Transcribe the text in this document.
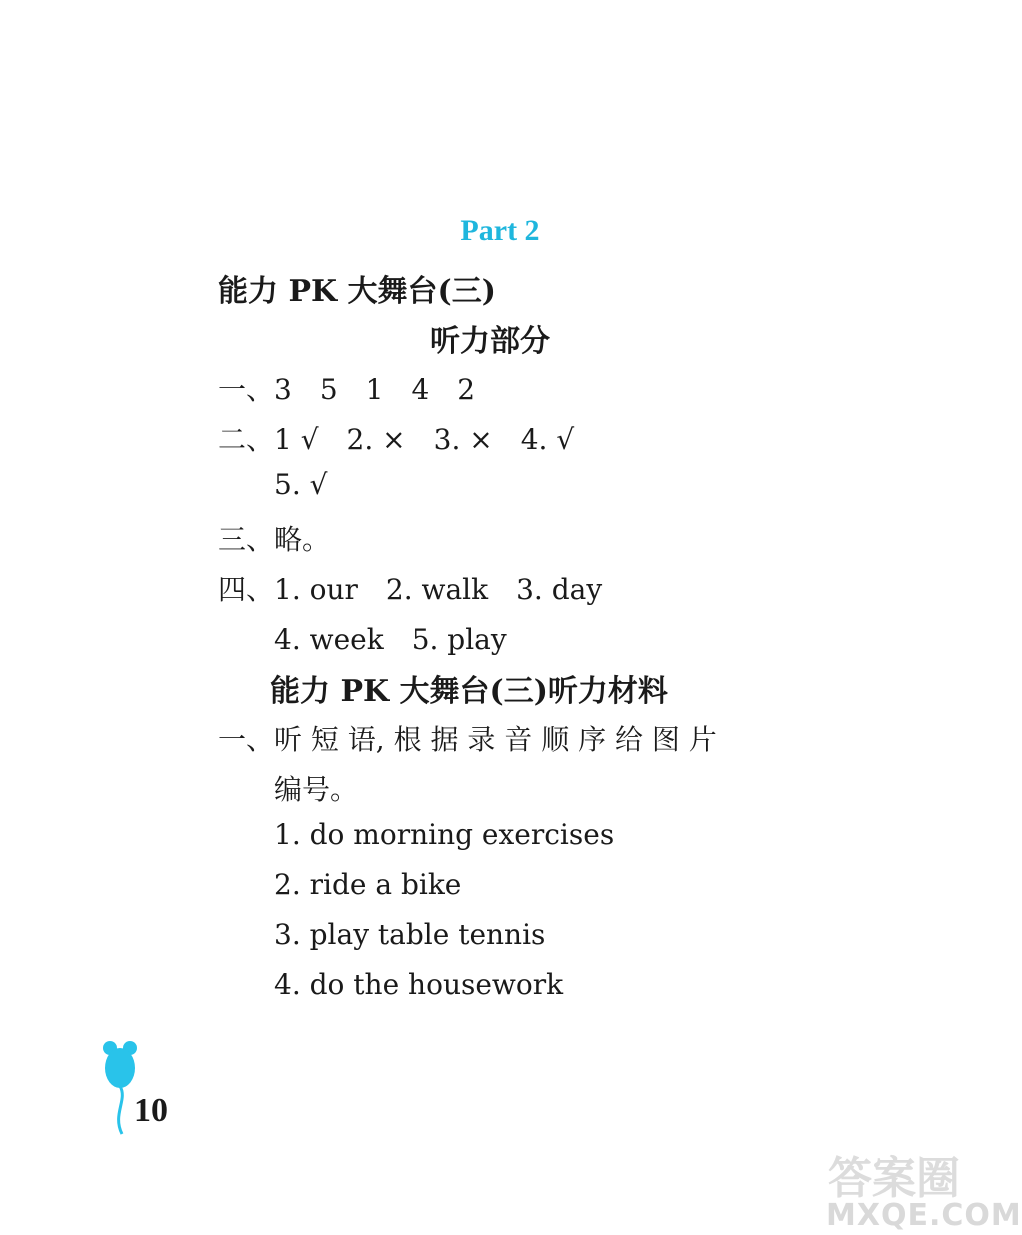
Part 2
能力 PK 大舞台(三)
听力部分
一、3　5　1　4　2
二、1 √　2. ×　3. ×　4. √
5. √
三、略。
四、1. our　2. walk　3. day
4. week　5. play
能力 PK 大舞台(三)听力材料
一、听 短 语, 根 据 录 音 顺 序 给 图 片
编号。
1. do morning exercises
2. ride a bike
3. play table tennis
4. do the housework
10
答案圈
MXQE.COM
